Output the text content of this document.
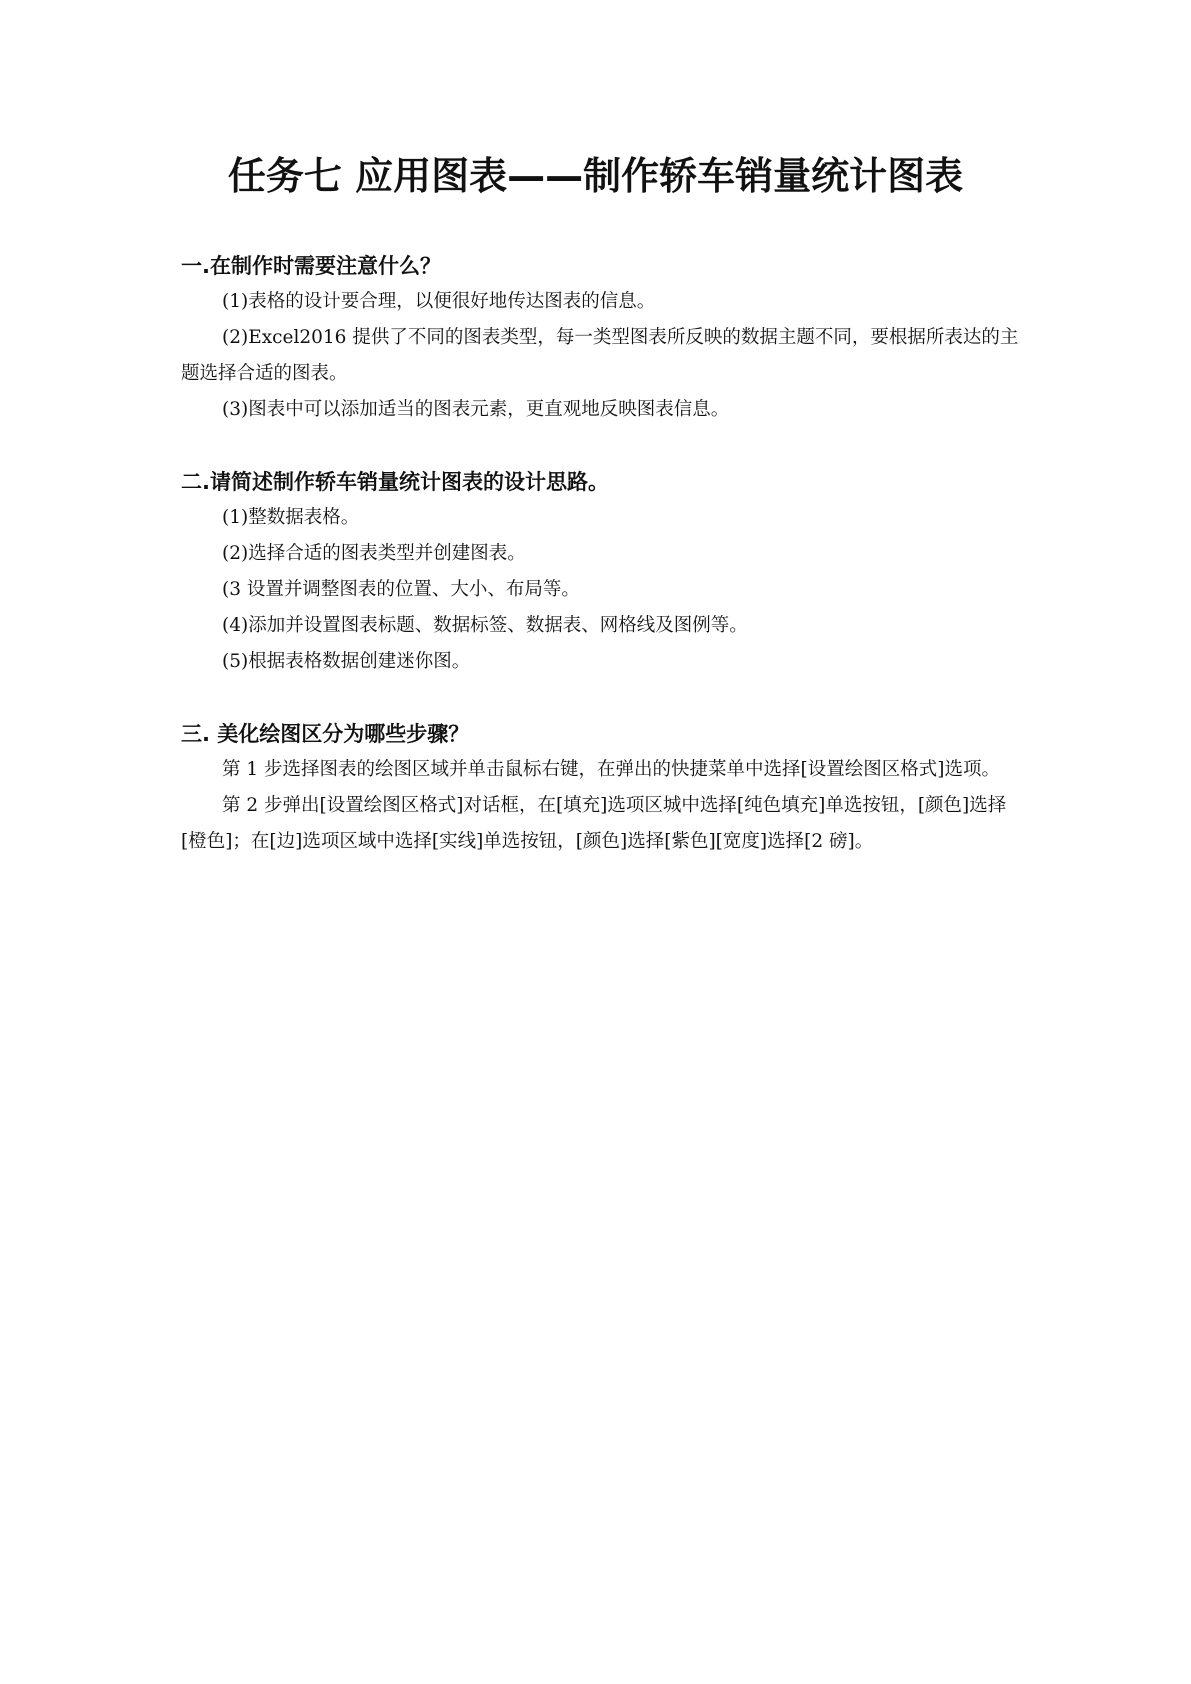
任务七 应用图表——制作轿车销量统计图表
一.在制作时需要注意什么？

(1)表格的设计要合理，以便很好地传达图表的信息。

(2)Excel2016 提供了不同的图表类型，每一类型图表所反映的数据主题不同，要根据所表达的主题选择合适的图表。

(3)图表中可以添加适当的图表元素，更直观地反映图表信息。

二.请简述制作轿车销量统计图表的设计思路。

(1)整数据表格。

(2)选择合适的图表类型并创建图表。

(3 设置并调整图表的位置、大小、布局等。

(4)添加并设置图表标题、数据标签、数据表、网格线及图例等。

(5)根据表格数据创建迷你图。

三. 美化绘图区分为哪些步骤？

第 1 步选择图表的绘图区域并单击鼠标右键，在弹出的快捷菜单中选择[设置绘图区格式]选项。

第 2 步弹出[设置绘图区格式]对话框，在[填充]选项区城中选择[纯色填充]单选按钮，[颜色]选择[橙色]；在[边]选项区域中选择[实线]单选按钮，[颜色]选择[紫色][宽度]选择[2 磅]。
